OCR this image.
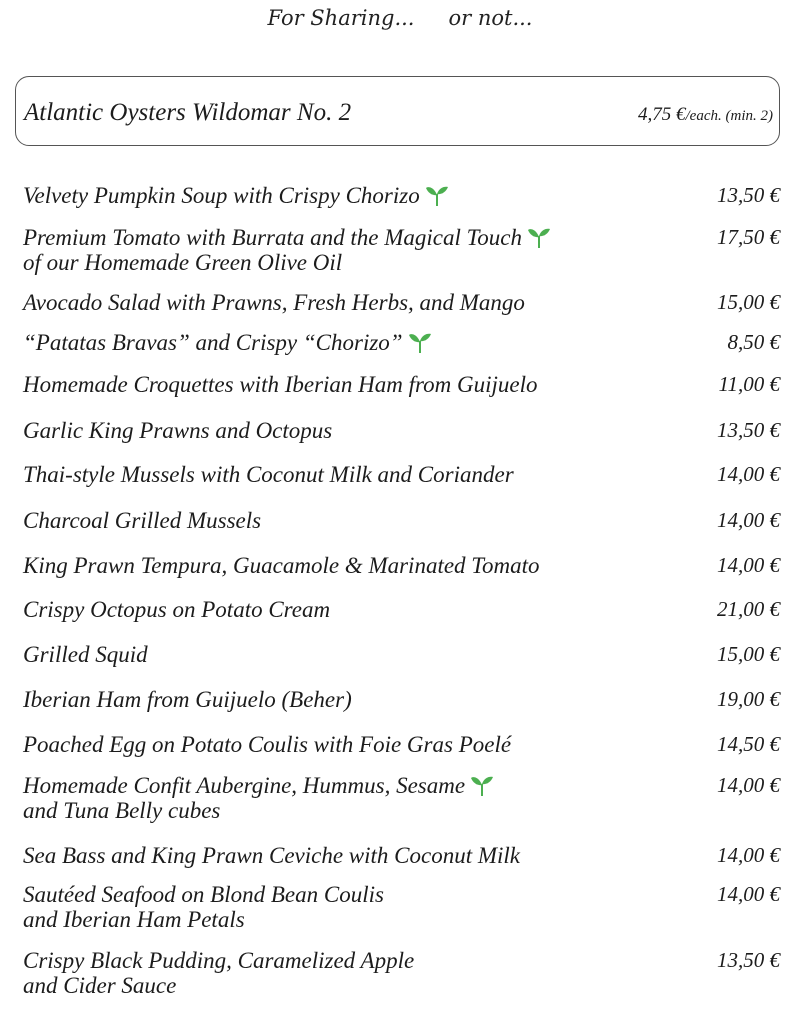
For Sharing... or not...
Atlantic Oysters Wildomar No. 2	4,75 €/each. (min. 2)
Velvety Pumpkin Soup with Crispy Chorizo	13,50 €
Premium Tomato with Burrata and the Magical Touch
of our Homemade Green Olive Oil
17,50 €
Avocado Salad with Prawns, Fresh Herbs, and Mango	15,00 €
“Patatas Bravas” and Crispy “Chorizo”	8,50 €
Homemade Croquettes with Iberian Ham from Guijuelo	11,00 €
Garlic King Prawns and Octopus	13,50 €
Thai-style Mussels with Coconut Milk and Coriander	14,00 €
Charcoal Grilled Mussels	14,00 €
King Prawn Tempura, Guacamole & Marinated Tomato	14,00 €
Crispy Octopus on Potato Cream	21,00 €
Grilled Squid	15,00 €
Iberian Ham from Guijuelo (Beher)	19,00 €
Poached Egg on Potato Coulis with Foie Gras Poelé	14,50 €
Homemade Confit Aubergine, Hummus, Sesame
and Tuna Belly cubes
14,00 €
Sea Bass and King Prawn Ceviche with Coconut Milk	14,00 €
Sautéed Seafood on Blond Bean Coulis
and Iberian Ham Petals
14,00 €
Crispy Black Pudding, Caramelized Apple
and Cider Sauce
13,50 €
